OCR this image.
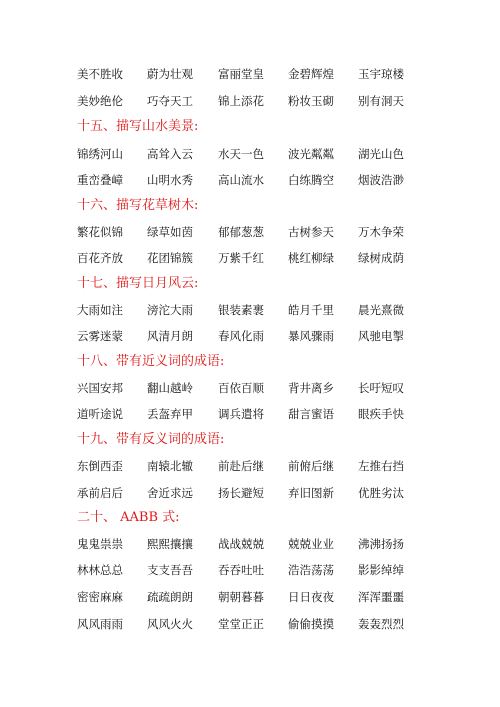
美不胜收 蔚为壮观 富丽堂皇 金碧辉煌 玉宇琼楼
美妙绝伦 巧夺天工 锦上添花 粉妆玉砌 别有洞天
十五、描写山水美景:
锦绣河山 高耸入云 水天一色 波光粼粼 湖光山色
重峦叠嶂 山明水秀 高山流水 白练腾空 烟波浩渺
十六、描写花草树木:
繁花似锦 绿草如茵 郁郁葱葱 古树参天 万木争荣
百花齐放 花团锦簇 万紫千红 桃红柳绿 绿树成荫
十七、描写日月风云:
大雨如注 滂沱大雨 银装素裹 皓月千里 晨光熹微
云雾迷蒙 风清月朗 春风化雨 暴风骤雨 风驰电掣
十八、带有近义词的成语:
兴国安邦 翻山越岭 百依百顺 背井离乡 长吁短叹
道听途说 丢盔弃甲 调兵遣将 甜言蜜语 眼疾手快
十九、带有反义词的成语:
东倒西歪 南辕北辙 前赴后继 前俯后继 左推右挡
承前启后 舍近求远 扬长避短 弃旧图新 优胜劣汰
二十、 AABB 式:
鬼鬼祟祟 熙熙攘攘 战战兢兢 兢兢业业 沸沸扬扬
林林总总 支支吾吾 吞吞吐吐 浩浩荡荡 影影绰绰
密密麻麻 疏疏朗朗 朝朝暮暮 日日夜夜 浑浑噩噩
风风雨雨 风风火火 堂堂正正 偷偷摸摸 轰轰烈烈
